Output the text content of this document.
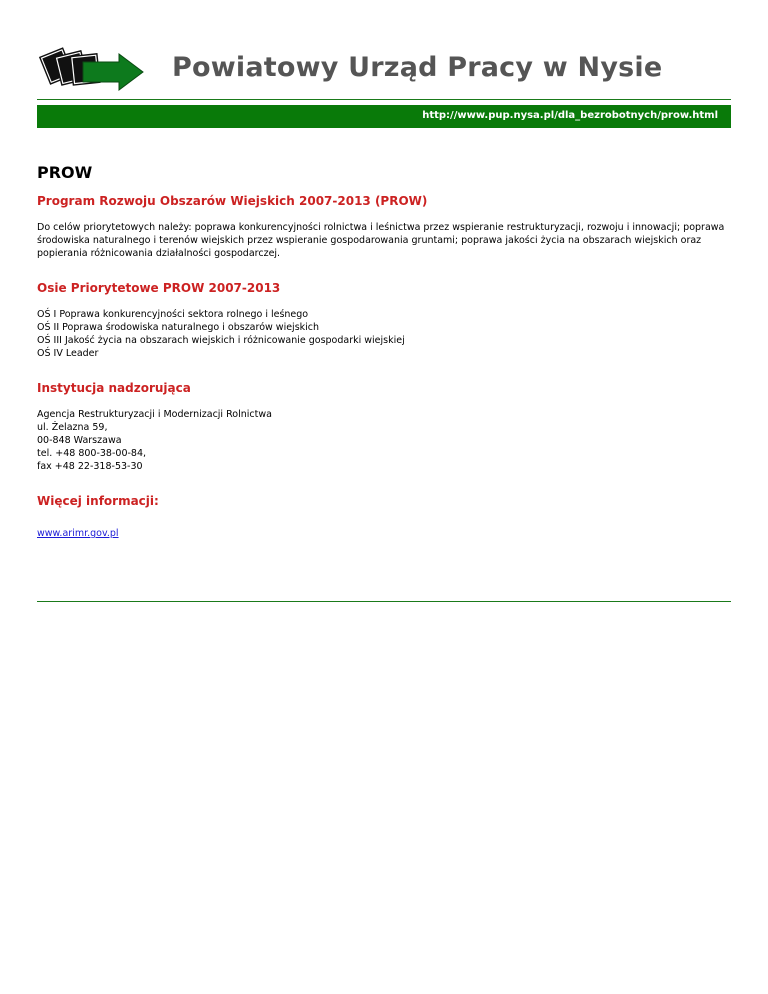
Powiatowy Urząd Pracy w Nysie
http://www.pup.nysa.pl/dla_bezrobotnych/prow.html
PROW
Program Rozwoju Obszarów Wiejskich 2007-2013 (PROW)

Do celów priorytetowych należy: poprawa konkurencyjności rolnictwa i leśnictwa przez wspieranie restrukturyzacji, rozwoju i innowacji; poprawa środowiska naturalnego i terenów wiejskich przez wspieranie gospodarowania gruntami; poprawa jakości życia na obszarach wiejskich oraz popierania różnicowania działalności gospodarczej.

Osie Priorytetowe PROW 2007-2013
OŚ I Poprawa konkurencyjności sektora rolnego i leśnego
OŚ II Poprawa środowiska naturalnego i obszarów wiejskich
OŚ III Jakość życia na obszarach wiejskich i różnicowanie gospodarki wiejskiej
OŚ IV Leader
Instytucja nadzorująca
Agencja Restrukturyzacji i Modernizacji Rolnictwa
ul. Żelazna 59,
00-848 Warszawa
tel. +48 800-38-00-84,
fax +48 22-318-53-30
Więcej informacji:
www.arimr.gov.pl
